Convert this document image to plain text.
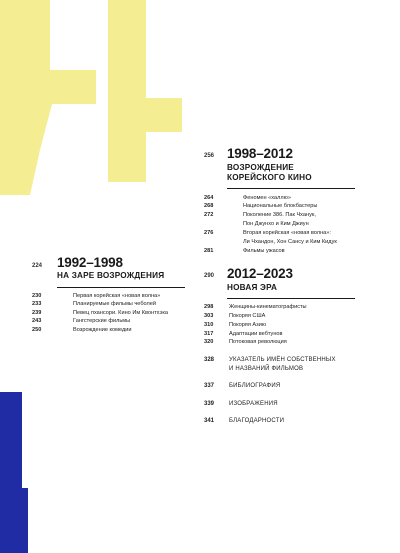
224 1992–1998
НА ЗАРЕ ВОЗРОЖДЕНИЯ
230	Первая корейская «новая волна»
233	Планируемые фильмы чеболей
239	Певец пхансори. Кино Им Квонтхэка
243	Гангстерские фильмы
250	Возрождение комедии
256 1998–2012
ВОЗРОЖДЕНИЕ
КОРЕЙСКОГО КИНО
264	Феномен «халлю»
268	Национальные блокбастеры
272	Поколение 386. Пак Чханук,
Пон Джунхо и Ким Джиун
276	Вторая корейская «новая волна»:
Ли Чхандон, Хон Сансу и Ким Кидук
281	Фильмы ужасов
290 2012–2023
НОВАЯ ЭРА
298	Женщины-кинематографисты
303	Покоряя США
310	Покоряя Азию
317	Адаптации вебтунов
320	Потоковая революция
328 УКАЗАТЕЛЬ ИМЁН СОБСТВЕННЫХ
И НАЗВАНИЙ ФИЛЬМОВ
337 БИБЛИОГРАФИЯ
339 ИЗОБРАЖЕНИЯ
341 БЛАГОДАРНОСТИ
